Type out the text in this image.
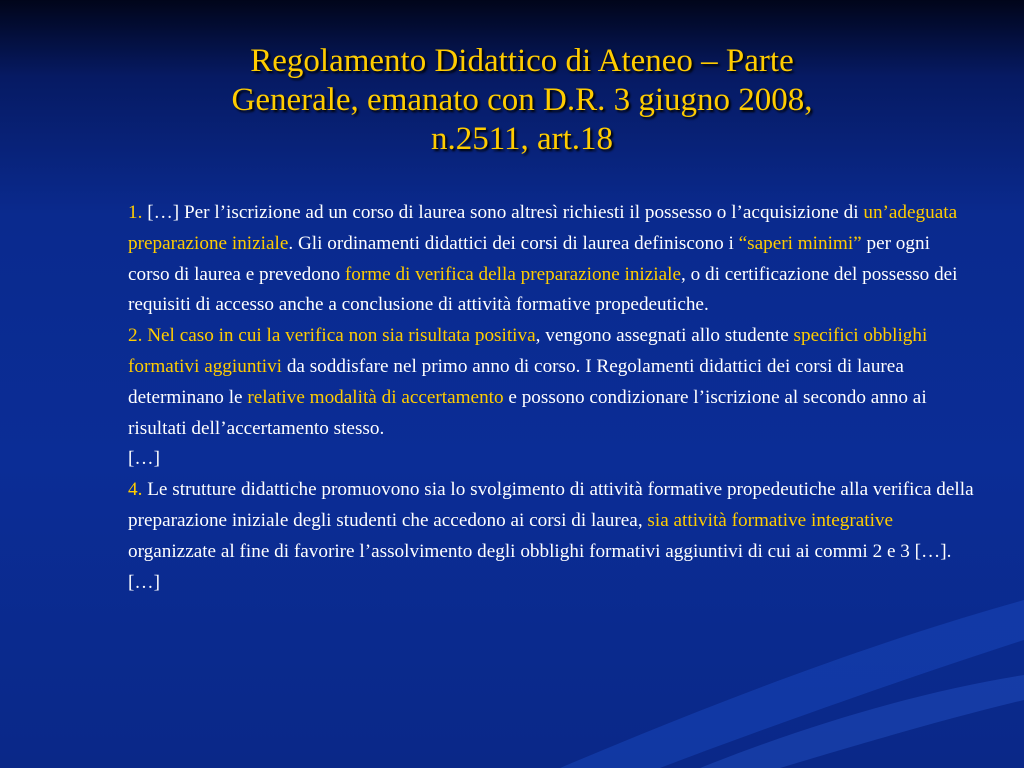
Regolamento Didattico di Ateneo – Parte
Generale, emanato con D.R. 3 giugno 2008,
n.2511, art.18

1. […] Per l’iscrizione ad un corso di laurea sono altresì richiesti il possesso o l’acquisizione di un’adeguata preparazione iniziale. Gli ordinamenti didattici dei corsi di laurea definiscono i “saperi minimi” per ogni corso di laurea e prevedono forme di verifica della preparazione iniziale, o di certificazione del possesso dei requisiti di accesso anche a conclusione di attività formative propedeutiche.

2. Nel caso in cui la verifica non sia risultata positiva, vengono assegnati allo studente specifici obblighi formativi aggiuntivi da soddisfare nel primo anno di corso. I Regolamenti didattici dei corsi di laurea determinano le relative modalità di accertamento e possono condizionare l’iscrizione al secondo anno ai risultati dell’accertamento stesso.

[…]

4. Le strutture didattiche promuovono sia lo svolgimento di attività formative propedeutiche alla verifica della preparazione iniziale degli studenti che accedono ai corsi di laurea, sia attività formative integrative organizzate al fine di favorire l’assolvimento degli obblighi formativi aggiuntivi di cui ai commi 2 e 3 […].

[…]
